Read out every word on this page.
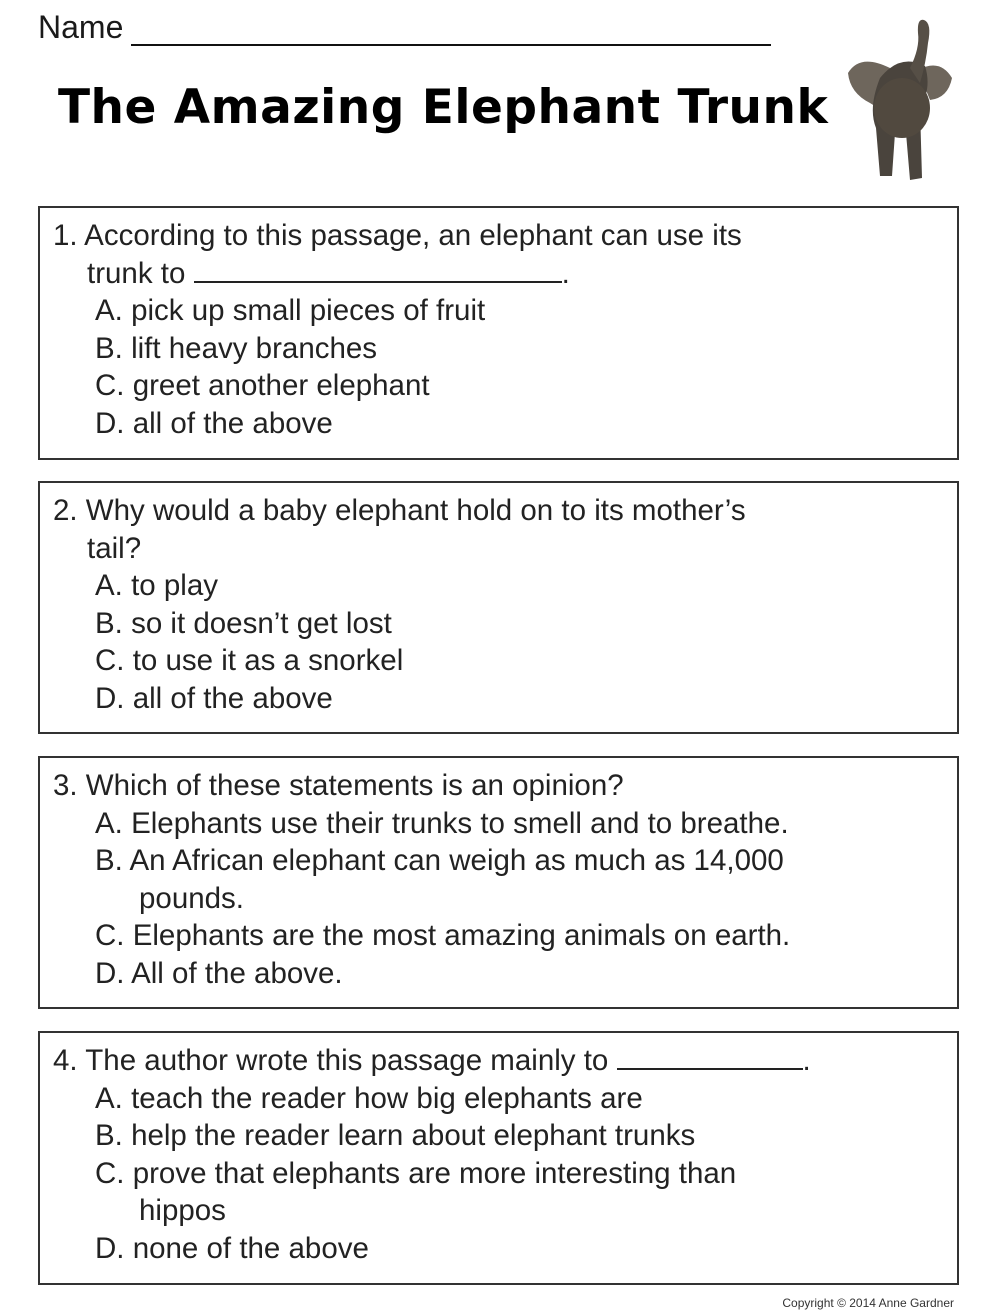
Name
The Amazing Elephant Trunk
1. According to this passage, an elephant can use its
trunk to	.
A. pick up small pieces of fruit
B. lift heavy branches
C. greet another elephant
D. all of the above
2. Why would a baby elephant hold on to its mother’s
tail?
A. to play
B. so it doesn’t get lost
C. to use it as a snorkel
D. all of the above
3. Which of these statements is an opinion?
A. Elephants use their trunks to smell and to breathe.
B. An African elephant can weigh as much as 14,000
pounds.
C. Elephants are the most amazing animals on earth.
D. All of the above.
4. The author wrote this passage mainly to	.
A. teach the reader how big elephants are
B. help the reader learn about elephant trunks
C. prove that elephants are more interesting than
hippos
D. none of the above
Copyright © 2014 Anne Gardner
